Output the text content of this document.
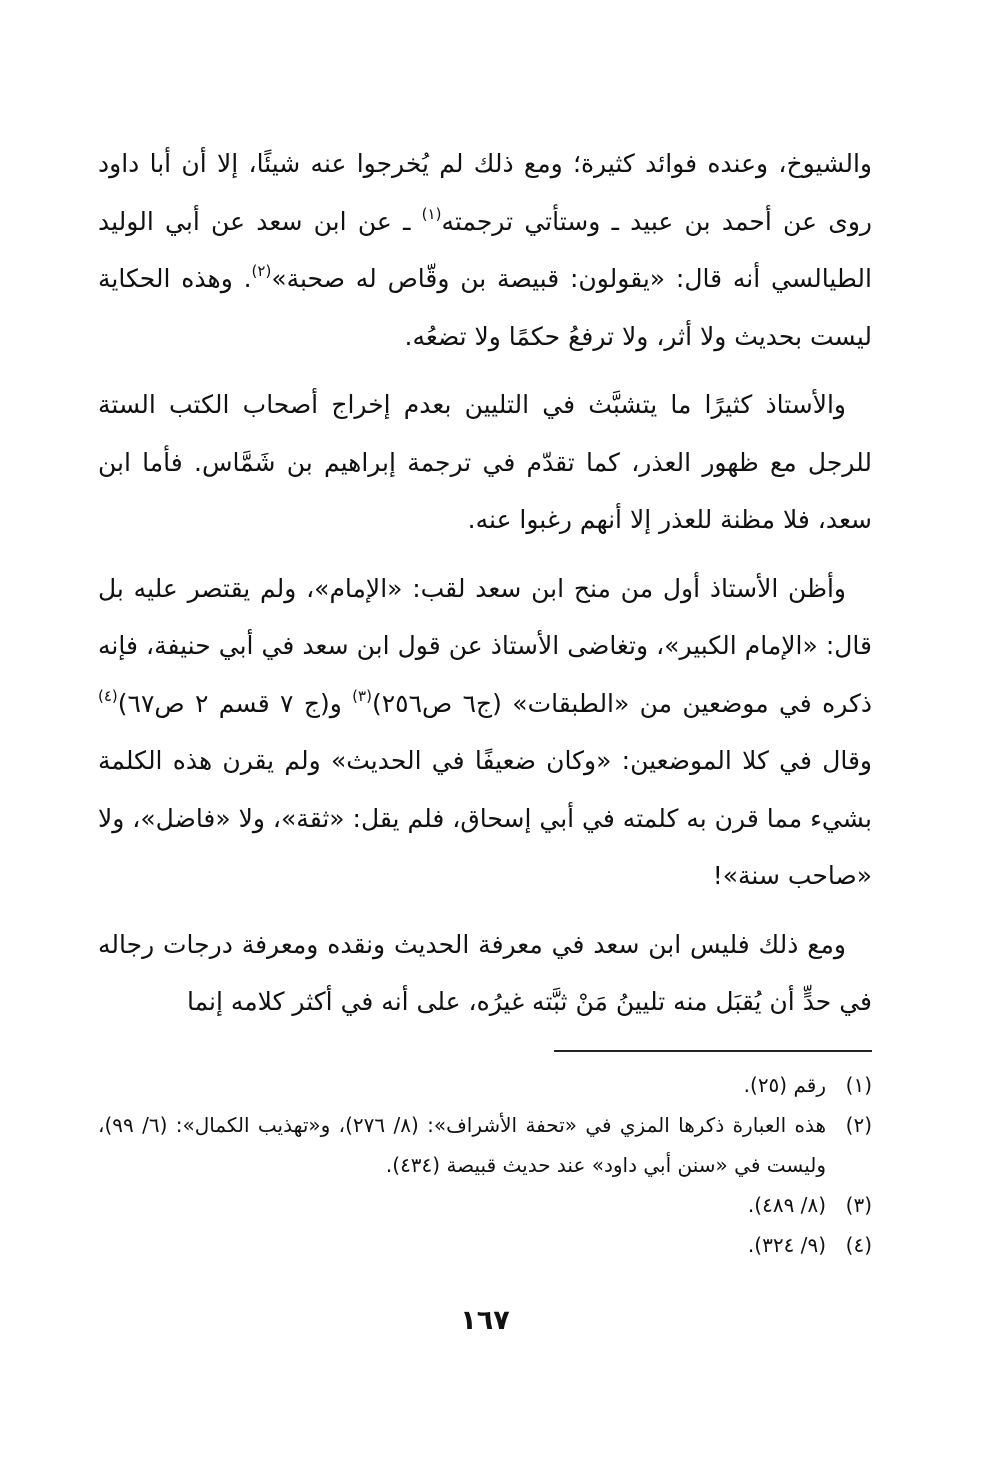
والشيوخ، وعنده فوائد كثيرة؛ ومع ذلك لم يُخرجوا عنه شيئًا، إلا أن أبا داود روى عن أحمد بن عبيد ـ وستأتي ترجمته$^{(١)}$ ـ عن ابن سعد عن أبي الوليد الطيالسي أنه قال: «يقولون: قبيصة بن وقّاص له صحبة»$^{(٢)}$. وهذه الحكاية ليست بحديث ولا أثر، ولا ترفعُ حكمًا ولا تضعُه.

والأستاذ كثيرًا ما يتشبَّث في التليين بعدم إخراج أصحاب الكتب الستة للرجل مع ظهور العذر، كما تقدّم في ترجمة إبراهيم بن شَمَّاس. فأما ابن سعد، فلا مظنة للعذر إلا أنهم رغبوا عنه.

وأظن الأستاذ أول من منح ابن سعد لقب: «الإمام»، ولم يقتصر عليه بل قال: «الإمام الكبير»، وتغاضى الأستاذ عن قول ابن سعد في أبي حنيفة، فإنه ذكره في موضعين من «الطبقات» (ج٦ ص٢٥٦)$^{(٣)}$ و(ج ٧ قسم ٢ ص٦٧)$^{(٤)}$ وقال في كلا الموضعين: «وكان ضعيفًا في الحديث» ولم يقرن هذه الكلمة بشيء مما قرن به كلمته في أبي إسحاق، فلم يقل: «ثقة»، ولا «فاضل»، ولا «صاحب سنة»!

ومع ذلك فليس ابن سعد في معرفة الحديث ونقده ومعرفة درجات رجاله في حدٍّ أن يُقبَل منه تليينُ مَنْ ثبَّته غيرُه، على أنه في أكثر كلامه إنما

(١)
رقم (٢٥).
(٢)
هذه العبارة ذكرها المزي في «تحفة الأشراف»: (٨/ ٢٧٦)، و«تهذيب الكمال»: (٦/ ٩٩)، وليست في «سنن أبي داود» عند حديث قبيصة (٤٣٤).
(٣)
(٨/ ٤٨٩).
(٤)
(٩/ ٣٢٤).
١٦٧
